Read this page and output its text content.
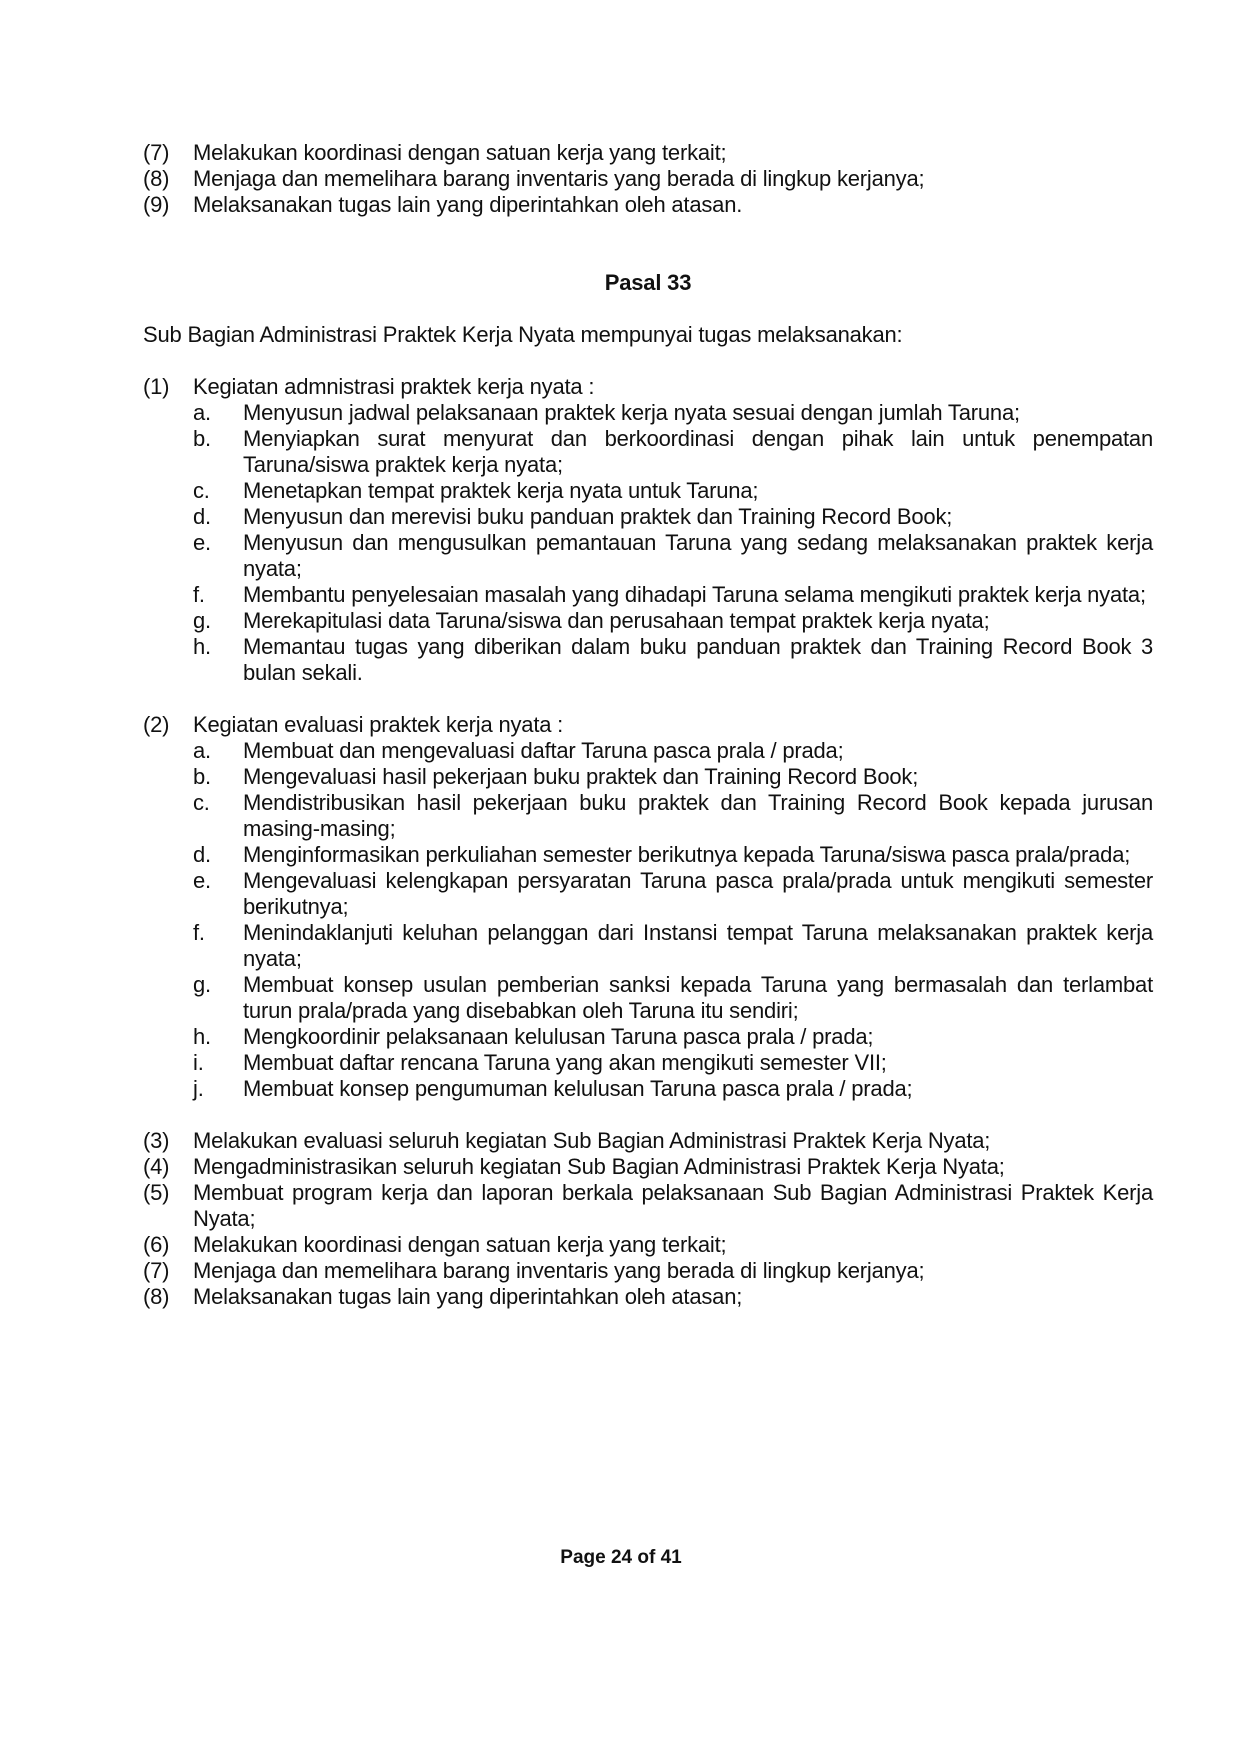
(7)	Melakukan koordinasi dengan satuan kerja yang terkait;
(8)	Menjaga dan memelihara barang inventaris yang berada di lingkup kerjanya;
(9)	Melaksanakan tugas lain yang diperintahkan oleh atasan.

Pasal 33

Sub Bagian Administrasi Praktek Kerja Nyata mempunyai tugas melaksanakan:

(1)	Kegiatan admnistrasi praktek kerja nyata :
a.	Menyusun jadwal pelaksanaan praktek kerja nyata sesuai dengan jumlah Taruna;
b.	Menyiapkan surat menyurat dan berkoordinasi dengan pihak lain untuk penempatan Taruna/siswa praktek kerja nyata;
c.	Menetapkan tempat praktek kerja nyata untuk Taruna;
d.	Menyusun dan merevisi buku panduan praktek dan Training Record Book;
e.	Menyusun dan mengusulkan pemantauan Taruna yang sedang melaksanakan praktek kerja nyata;
f.	Membantu penyelesaian masalah yang dihadapi Taruna selama mengikuti praktek kerja nyata;
g.	Merekapitulasi data Taruna/siswa dan perusahaan tempat praktek kerja nyata;
h.	Memantau tugas yang diberikan dalam buku panduan praktek dan Training Record Book 3 bulan sekali.
(2)	Kegiatan evaluasi praktek kerja nyata :
a.	Membuat dan mengevaluasi daftar Taruna pasca prala / prada;
b.	Mengevaluasi hasil pekerjaan buku praktek dan Training Record Book;
c.	Mendistribusikan hasil pekerjaan buku praktek dan Training Record Book kepada jurusan masing-masing;
d.	Menginformasikan perkuliahan semester berikutnya kepada Taruna/siswa pasca prala/prada;
e.	Mengevaluasi kelengkapan persyaratan Taruna pasca prala/prada untuk mengikuti semester berikutnya;
f.	Menindaklanjuti keluhan pelanggan dari Instansi tempat Taruna melaksanakan praktek kerja nyata;
g.	Membuat konsep usulan pemberian sanksi kepada Taruna yang bermasalah dan terlambat turun prala/prada yang disebabkan oleh Taruna itu sendiri;
h.	Mengkoordinir pelaksanaan kelulusan Taruna pasca prala / prada;
i.	Membuat daftar rencana Taruna yang akan mengikuti semester VII;
j.	Membuat konsep pengumuman kelulusan Taruna pasca prala / prada;
(3)	Melakukan evaluasi seluruh kegiatan Sub Bagian Administrasi Praktek Kerja Nyata;
(4)	Mengadministrasikan seluruh kegiatan Sub Bagian Administrasi Praktek Kerja Nyata;
(5)	Membuat program kerja dan laporan berkala pelaksanaan Sub Bagian Administrasi Praktek Kerja Nyata;
(6)	Melakukan koordinasi dengan satuan kerja yang terkait;
(7)	Menjaga dan memelihara barang inventaris yang berada di lingkup kerjanya;
(8)	Melaksanakan tugas lain yang diperintahkan oleh atasan;
Page 24 of 41
